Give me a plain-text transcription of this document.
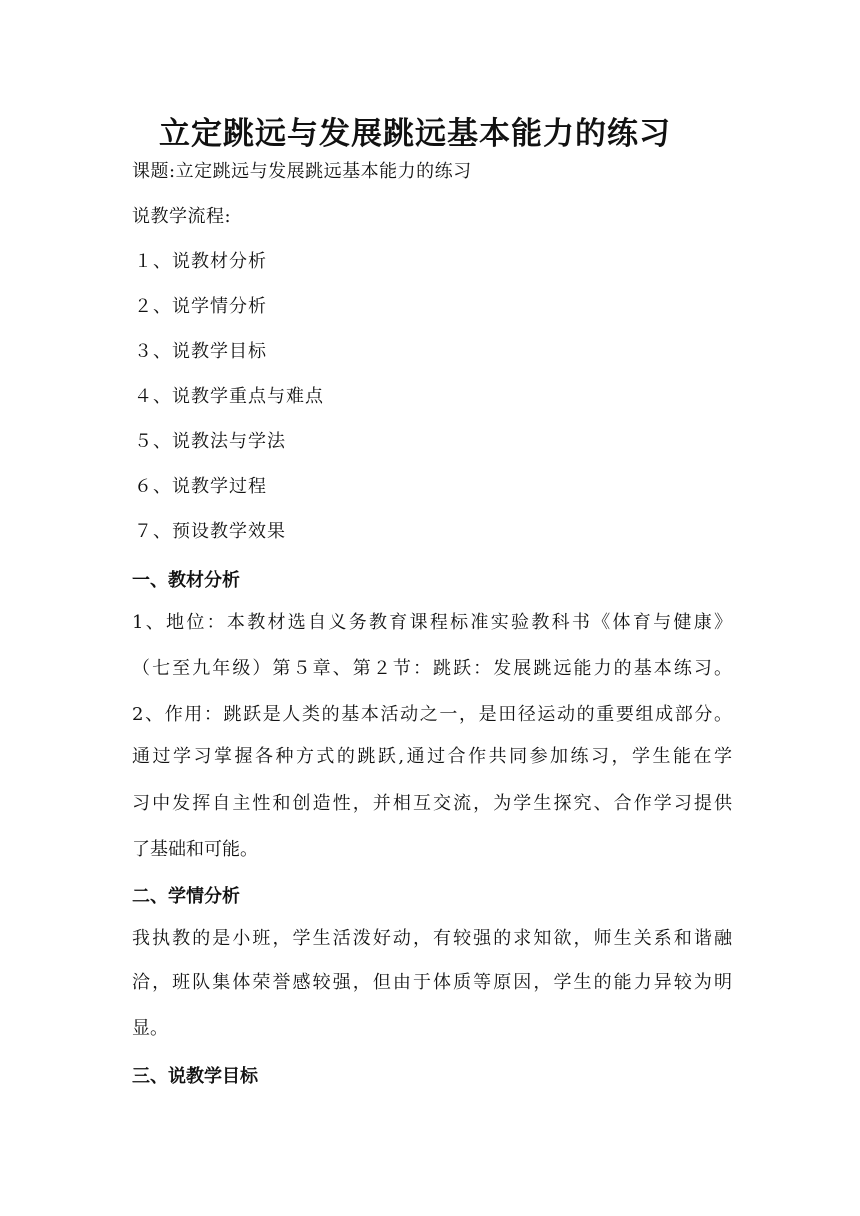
立定跳远与发展跳远基本能力的练习
课题:立定跳远与发展跳远基本能力的练习
说教学流程:
１、说教材分析
２、说学情分析
３、说教学目标
４、说教学重点与难点
５、说教法与学法
６、说教学过程
７、预设教学效果
一、教材分析
1、地位：本教材选自义务教育课程标准实验教科书《体育与健康》
（七至九年级）第５章、第２节：跳跃：发展跳远能力的基本练习。
2、作用：跳跃是人类的基本活动之一，是田径运动的重要组成部分。
通过学习掌握各种方式的跳跃,通过合作共同参加练习，学生能在学
习中发挥自主性和创造性，并相互交流，为学生探究、合作学习提供
了基础和可能。
二、学情分析
我执教的是小班，学生活泼好动，有较强的求知欲，师生关系和谐融
洽，班队集体荣誉感较强，但由于体质等原因，学生的能力异较为明
显。
三、说教学目标
